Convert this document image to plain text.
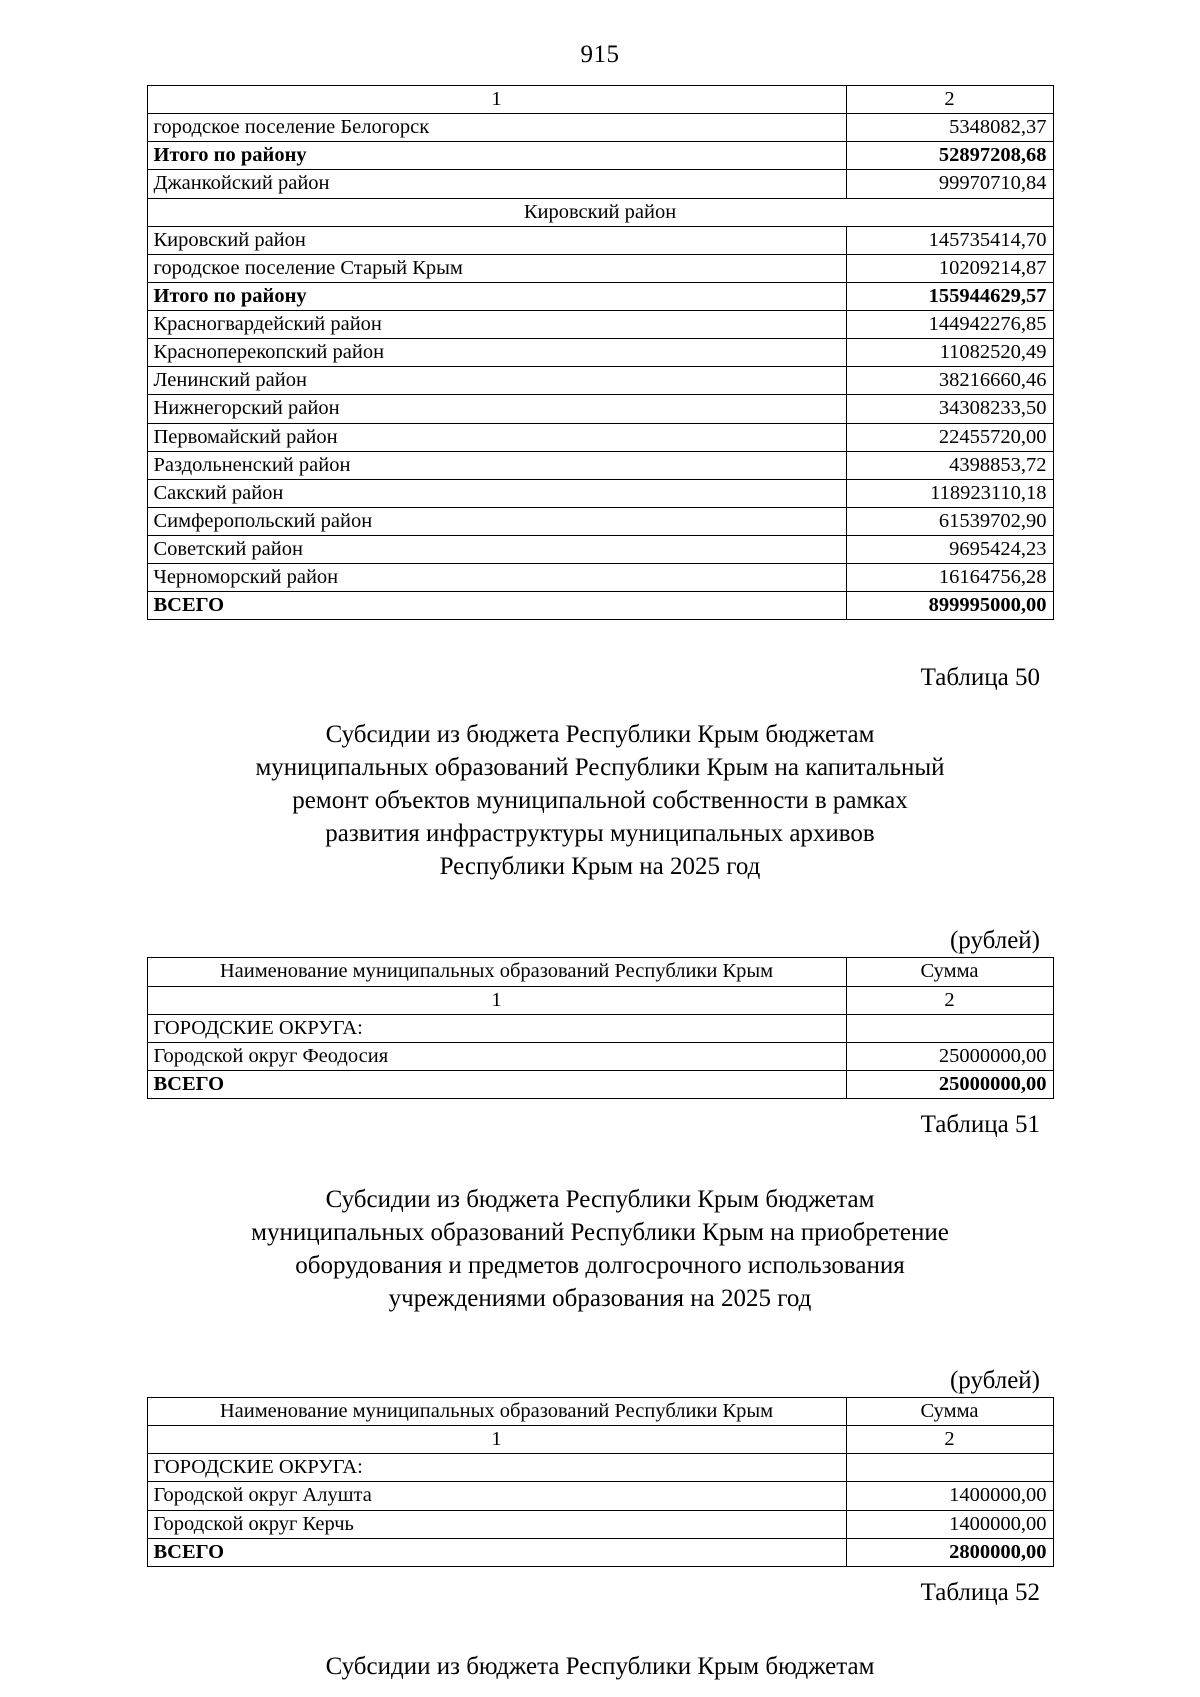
915
1	2
городское поселение Белогорск	5348082,37
Итого по району	52897208,68
Джанкойский район	99970710,84
Кировский район	
Кировский район	145735414,70
городское поселение Старый Крым	10209214,87
Итого по району	155944629,57
Красногвардейский район	144942276,85
Красноперекопский район	11082520,49
Ленинский район	38216660,46
Нижнегорский район	34308233,50
Первомайский район	22455720,00
Раздольненский район	4398853,72
Сакский район	118923110,18
Симферопольский район	61539702,90
Советский район	9695424,23
Черноморский район	16164756,28
ВСЕГО	899995000,00
Таблица 50
Субсидии из бюджета Республики Крым бюджетам
муниципальных образований Республики Крым на капитальный
ремонт объектов муниципальной собственности в рамках
развития инфраструктуры муниципальных архивов
Республики Крым на 2025 год
(рублей)
Наименование муниципальных образований Республики Крым	Сумма
1	2
ГОРОДСКИЕ ОКРУГА:	
Городской округ Феодосия	25000000,00
ВСЕГО	25000000,00
Таблица 51
Субсидии из бюджета Республики Крым бюджетам
муниципальных образований Республики Крым на приобретение
оборудования и предметов долгосрочного использования
учреждениями образования на 2025 год
(рублей)
Наименование муниципальных образований Республики Крым	Сумма
1	2
ГОРОДСКИЕ ОКРУГА:	
Городской округ Алушта	1400000,00
Городской округ Керчь	1400000,00
ВСЕГО	2800000,00
Таблица 52
Субсидии из бюджета Республики Крым бюджетам
